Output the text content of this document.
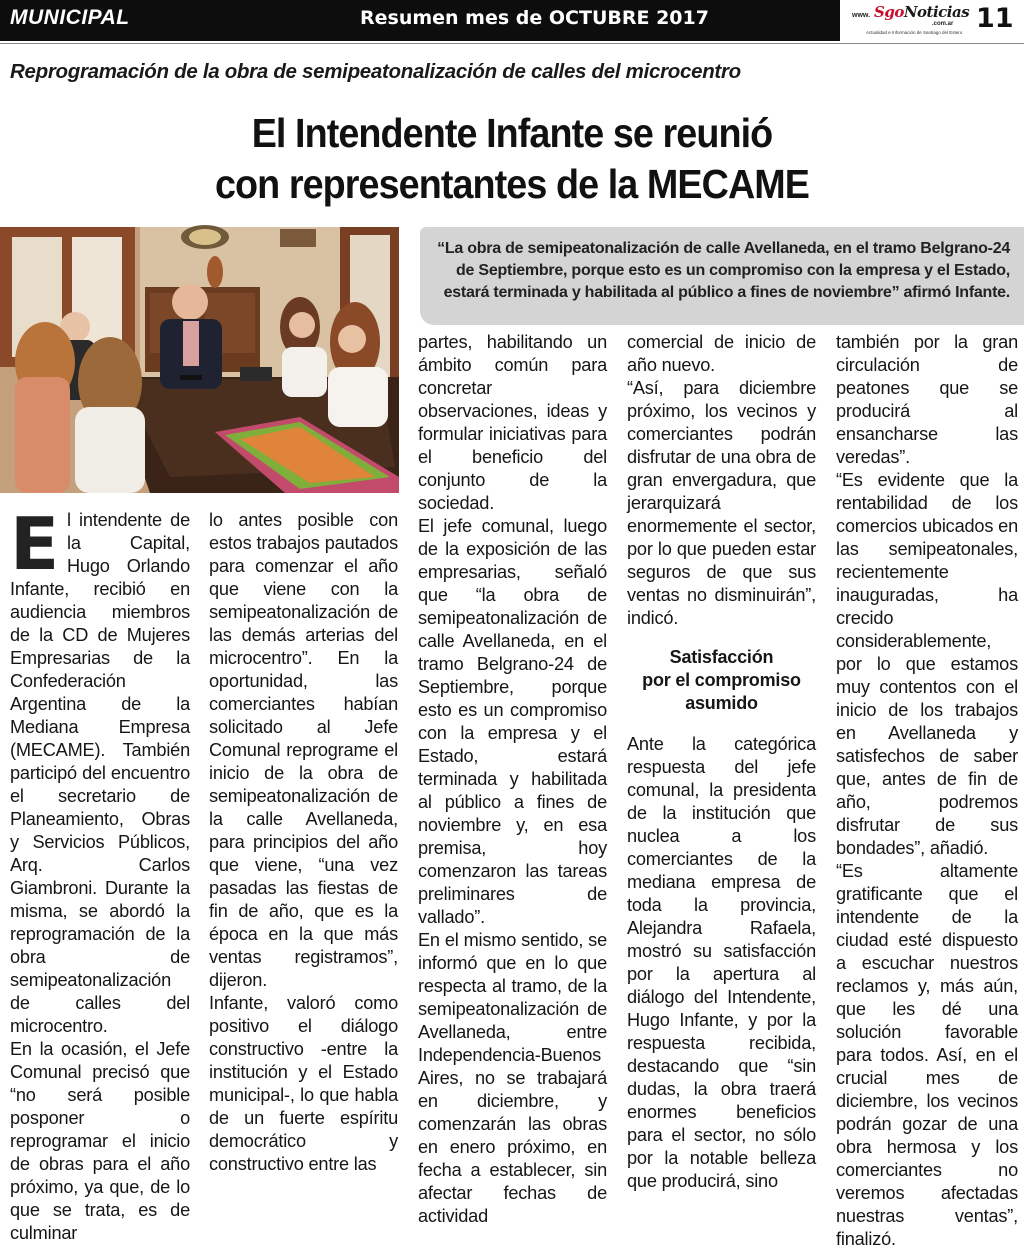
MUNICIPAL	Resumen mes de OCTUBRE 2017	www. SgoNoticias
.com.ar
Actualidad e Información de Santiago del Estero 11
Reprogramación de la obra de semipeatonalización de calles del microcentro
El Intendente Infante se reunió
con representantes de la MECAME
“La obra de semipeatonalización de calle Avellaneda, en el tramo Belgrano-24 de Septiembre, porque esto es un compromiso con la empresa y el Estado, estará terminada y habilitada al público a fines de noviembre” afirmó Infante.

El intendente de la Capital, Hugo Orlando Infante, recibió en audiencia miembros de la CD de Mujeres Empresarias de la Confederación Argentina de la Mediana Empresa (MECAME). También participó del encuentro el secretario de Planeamiento, Obras y Servicios Públicos, Arq. Carlos Giambroni. Durante la misma, se abordó la reprogramación de la obra de semipeatonalización de calles del microcentro.

En la ocasión, el Jefe Comunal precisó que “no será posible posponer o reprogramar el inicio de obras para el año próximo, ya que, de lo que se trata, es de culminar

lo antes posible con estos trabajos pautados para comenzar el año que viene con la semipeatonalización de las demás arterias del microcentro”. En la oportunidad, las comerciantes habían solicitado al Jefe Comunal reprograme el inicio de la obra de semipeatonalización de la calle Avellaneda, para principios del año que viene, “una vez pasadas las fiestas de fin de año, que es la época en la que más ventas registramos”, dijeron.

Infante, valoró como positivo el diálogo constructivo -entre la institución y el Estado municipal-, lo que habla de un fuerte espíritu democrático y constructivo entre las

partes, habilitando un ámbito común para concretar observaciones, ideas y formular iniciativas para el beneficio del conjunto de la sociedad.

El jefe comunal, luego de la exposición de las empresarias, señaló que “la obra de semipeatonalización de calle Avellaneda, en el tramo Belgrano-24 de Septiembre, porque esto es un compromiso con la empresa y el Estado, estará terminada y habilitada al público a fines de noviembre y, en esa premisa, hoy comenzaron las tareas preliminares de vallado”.

En el mismo sentido, se informó que en lo que respecta al tramo, de la semipeatonalización de Avellaneda, entre Independencia-Buenos Aires, no se trabajará en diciembre, y comenzarán las obras en enero próximo, en fecha a establecer, sin afectar fechas de actividad

comercial de inicio de año nuevo.

“Así, para diciembre próximo, los vecinos y comerciantes podrán disfrutar de una obra de gran envergadura, que jerarquizará enormemente el sector, por lo que pueden estar seguros de que sus ventas no disminuirán”, indicó.

Satisfacción
por el compromiso
asumido

Ante la categórica respuesta del jefe comunal, la presidenta de la institución que nuclea a los comerciantes de la mediana empresa de toda la provincia, Alejandra Rafaela, mostró su satisfacción por la apertura al diálogo del Intendente, Hugo Infante, y por la respuesta recibida, destacando que “sin dudas, la obra traerá enormes beneficios para el sector, no sólo por la notable belleza que producirá, sino

también por la gran circulación de peatones que se producirá al ensancharse las veredas”.

“Es evidente que la rentabilidad de los comercios ubicados en las semipeatonales, recientemente inauguradas, ha crecido considerablemente, por lo que estamos muy contentos con el inicio de los trabajos en Avellaneda y satisfechos de saber que, antes de fin de año, podremos disfrutar de sus bondades”, añadió.

“Es altamente gratificante que el intendente de la ciudad esté dispuesto a escuchar nuestros reclamos y, más aún, que les dé una solución favorable para todos. Así, en el crucial mes de diciembre, los vecinos podrán gozar de una obra hermosa y los comerciantes no veremos afectadas nuestras ventas”, finalizó.
